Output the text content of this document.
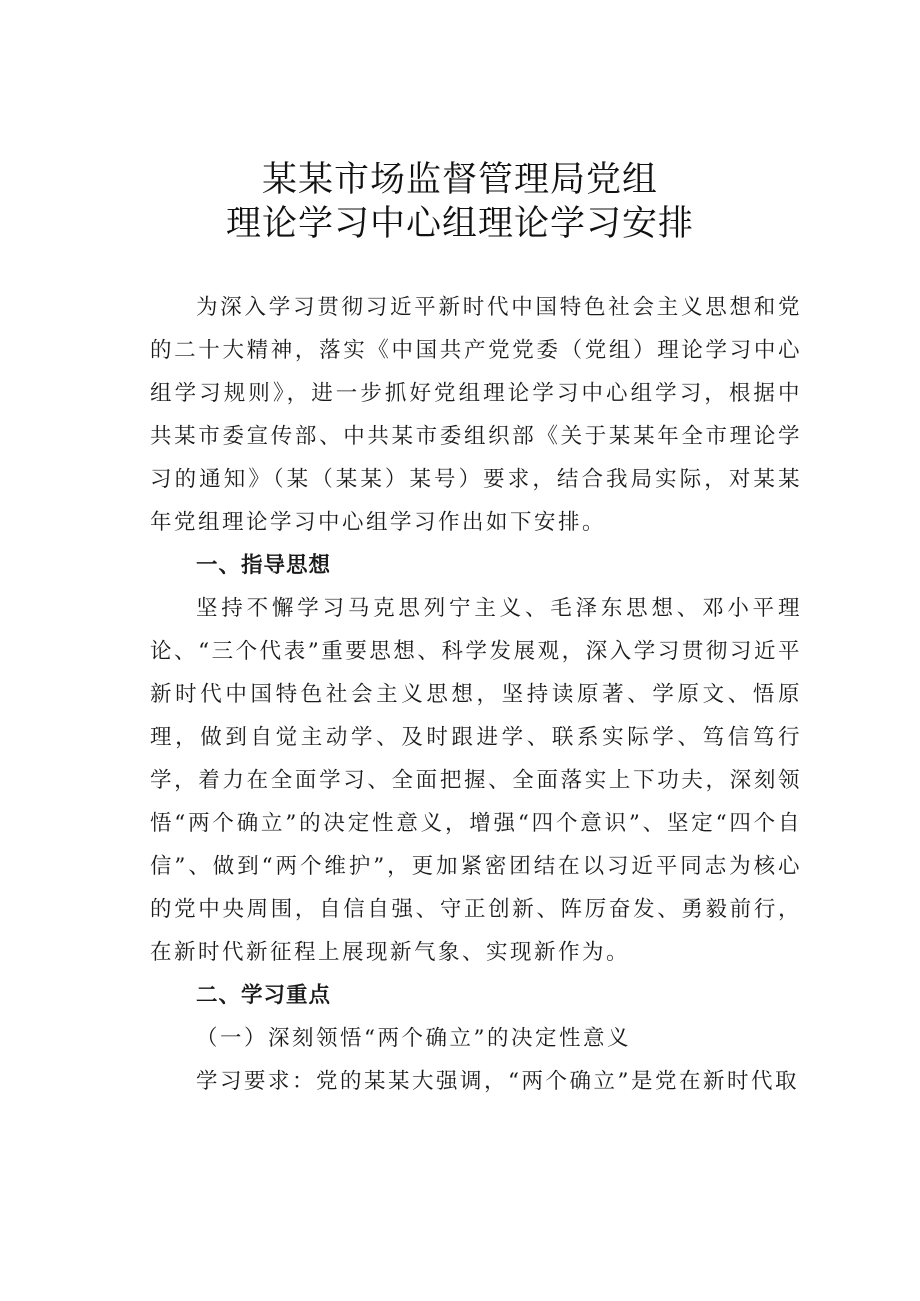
某某市场监督管理局党组
理论学习中心组理论学习安排

为深入学习贯彻习近平新时代中国特色社会主义思想和党的二十大精神，落实《中国共产党党委（党组）理论学习中心组学习规则》，进一步抓好党组理论学习中心组学习，根据中共某市委宣传部、中共某市委组织部《关于某某年全市理论学习的通知》（某（某某）某号）要求，结合我局实际，对某某年党组理论学习中心组学习作出如下安排。

一、指导思想

坚持不懈学习马克思列宁主义、毛泽东思想、邓小平理论、“三个代表”重要思想、科学发展观，深入学习贯彻习近平新时代中国特色社会主义思想，坚持读原著、学原文、悟原理，做到自觉主动学、及时跟进学、联系实际学、笃信笃行学，着力在全面学习、全面把握、全面落实上下功夫，深刻领悟“两个确立”的决定性意义，增强“四个意识”、坚定“四个自信”、做到“两个维护”，更加紧密团结在以习近平同志为核心的党中央周围，自信自强、守正创新、阵厉奋发、勇毅前行，在新时代新征程上展现新气象、实现新作为。

二、学习重点

（一）深刻领悟“两个确立”的决定性意义

学习要求：党的某某大强调，“两个确立”是党在新时代取
